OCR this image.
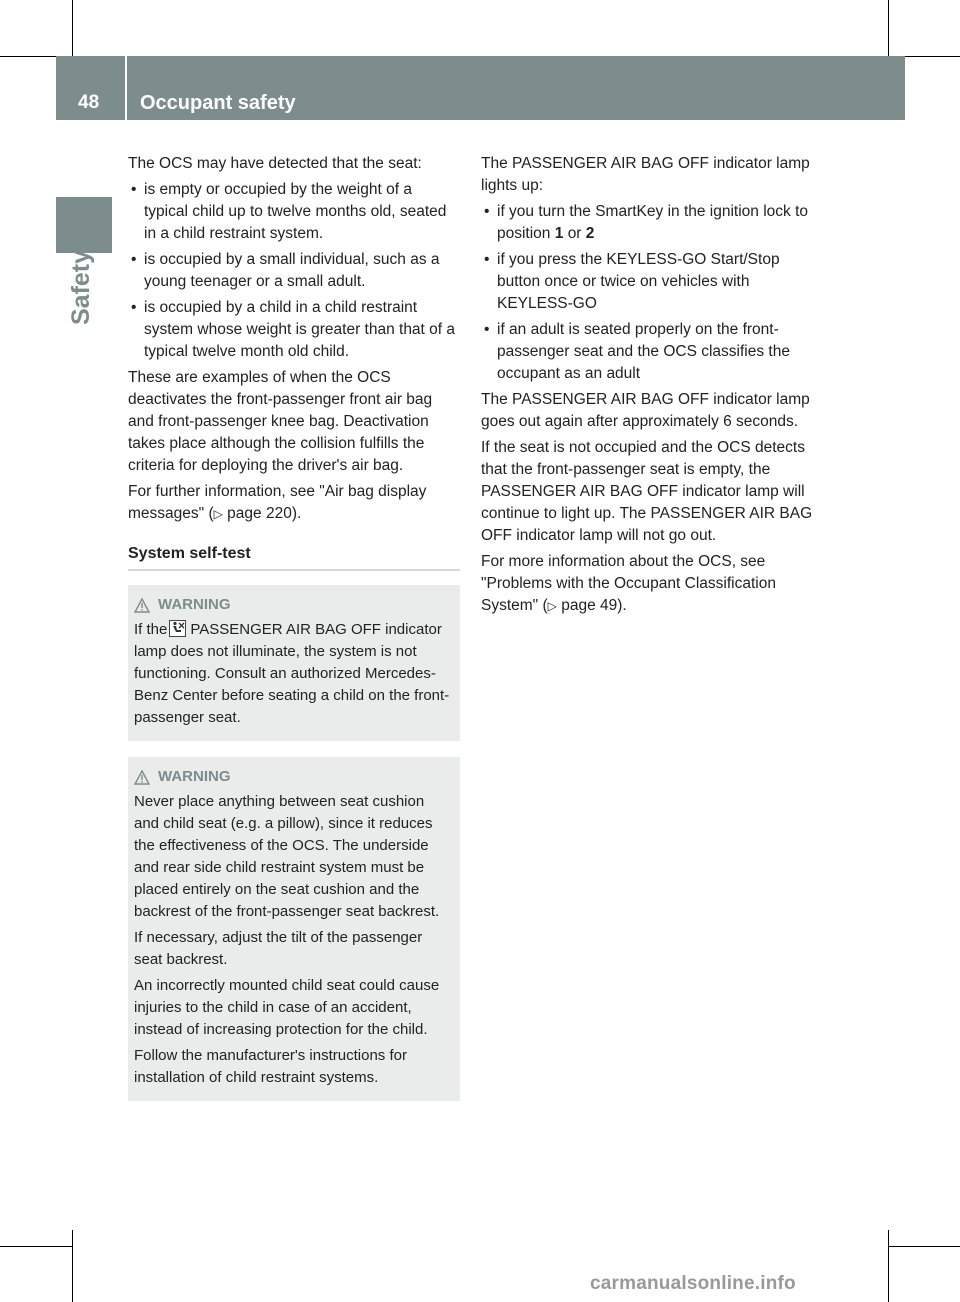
48	Occupant safety
Safety

The OCS may have detected that the seat:

• is empty or occupied by the weight of a typical child up to twelve months old, seated in a child restraint system.
• is occupied by a small individual, such as a young teenager or a small adult.
• is occupied by a child in a child restraint system whose weight is greater than that of a typical twelve month old child.

These are examples of when the OCS deactivates the front-passenger front air bag and front-passenger knee bag. Deactivation takes place although the collision fulfills the criteria for deploying the driver's air bag.

For further information, see "Air bag display messages" (▷ page 220).

System self-test
WARNING

If the PASSENGER AIR BAG OFF indicator lamp does not illuminate, the system is not functioning. Consult an authorized Mercedes-Benz Center before seating a child on the front-passenger seat.

WARNING

Never place anything between seat cushion and child seat (e.g. a pillow), since it reduces the effectiveness of the OCS. The underside and rear side child restraint system must be placed entirely on the seat cushion and the backrest of the front-passenger seat backrest.

If necessary, adjust the tilt of the passenger seat backrest.

An incorrectly mounted child seat could cause injuries to the child in case of an accident, instead of increasing protection for the child.

Follow the manufacturer's instructions for installation of child restraint systems.

The PASSENGER AIR BAG OFF indicator lamp lights up:

• if you turn the SmartKey in the ignition lock to position 1 or 2
• if you press the KEYLESS-GO Start/Stop button once or twice on vehicles with KEYLESS-GO
• if an adult is seated properly on the front-passenger seat and the OCS classifies the occupant as an adult

The PASSENGER AIR BAG OFF indicator lamp goes out again after approximately 6 seconds.

If the seat is not occupied and the OCS detects that the front-passenger seat is empty, the PASSENGER AIR BAG OFF indicator lamp will continue to light up. The PASSENGER AIR BAG OFF indicator lamp will not go out.

For more information about the OCS, see "Problems with the Occupant Classification System" (▷ page 49).

carmanualsonline.info
